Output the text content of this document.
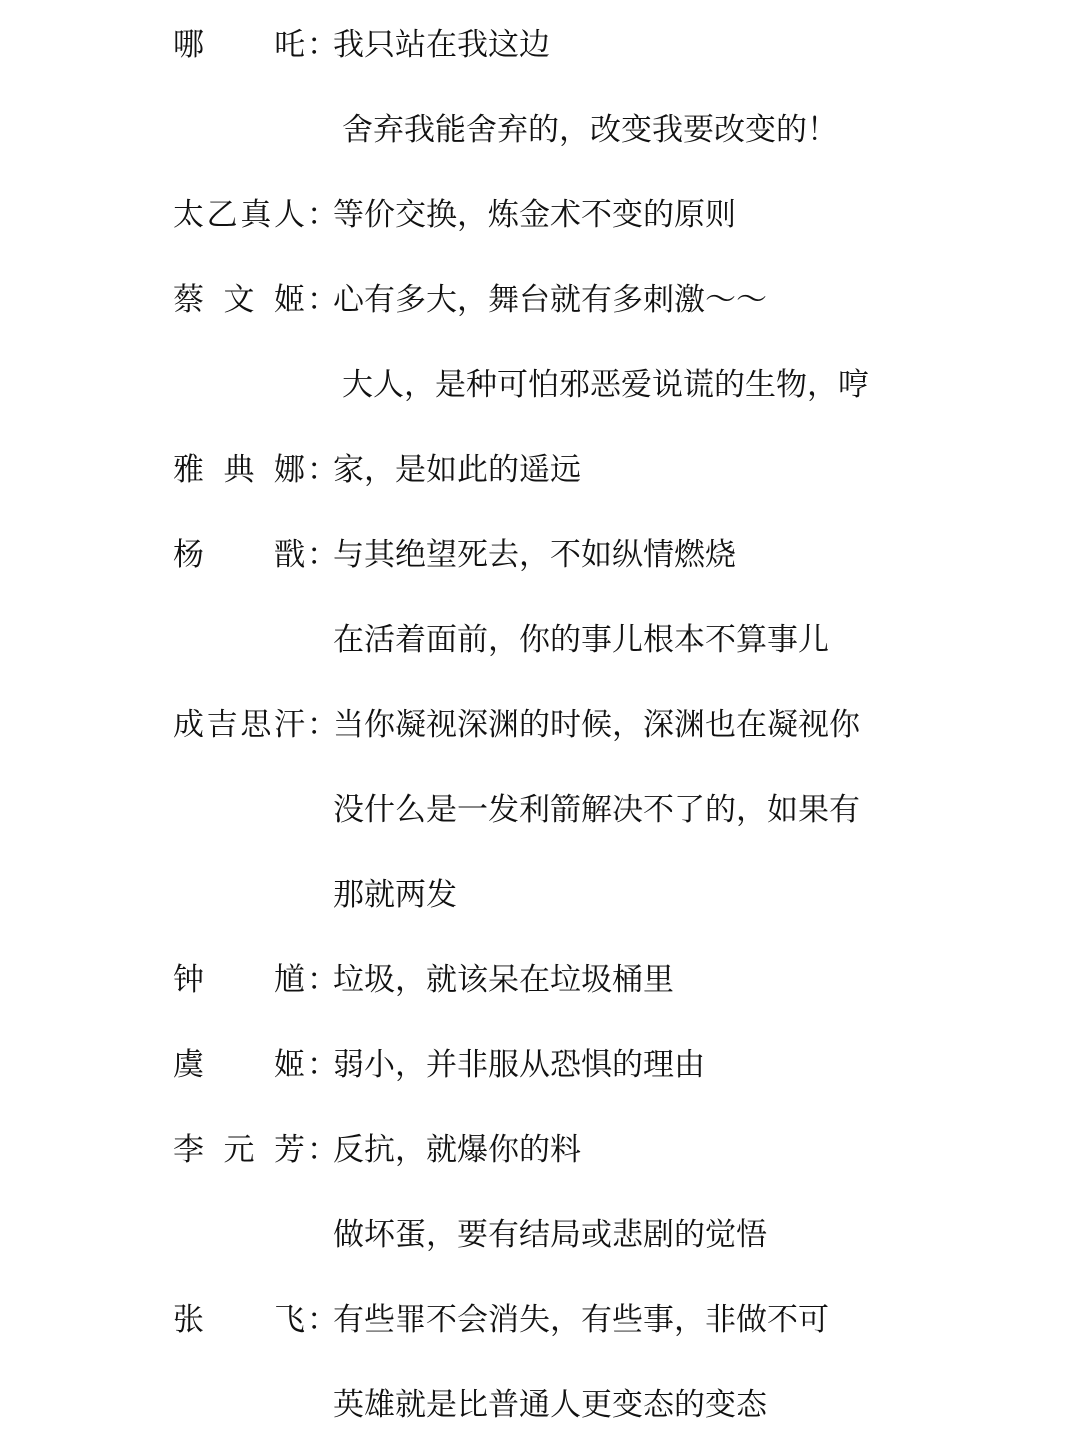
哪 吒 ：
我只站在我这边
舍弃我能舍弃的，改变我要改变的！
太 乙 真 人 ：
等价交换，炼金术不变的原则
蔡 文 姬 ：
心有多大，舞台就有多刺激～～
大人，是种可怕邪恶爱说谎的生物，哼
雅 典 娜 ：
家，是如此的遥远
杨 戬 ：
与其绝望死去，不如纵情燃烧
在活着面前，你的事儿根本不算事儿
成 吉 思 汗 ：
当你凝视深渊的时候，深渊也在凝视你
没什么是一发利箭解决不了的，如果有
那就两发
钟 馗 ：
垃圾，就该呆在垃圾桶里
虞 姬 ：
弱小，并非服从恐惧的理由
李 元 芳 ：
反抗，就爆你的料
做坏蛋，要有结局或悲剧的觉悟
张 飞 ：
有些罪不会消失，有些事，非做不可
英雄就是比普通人更变态的变态
